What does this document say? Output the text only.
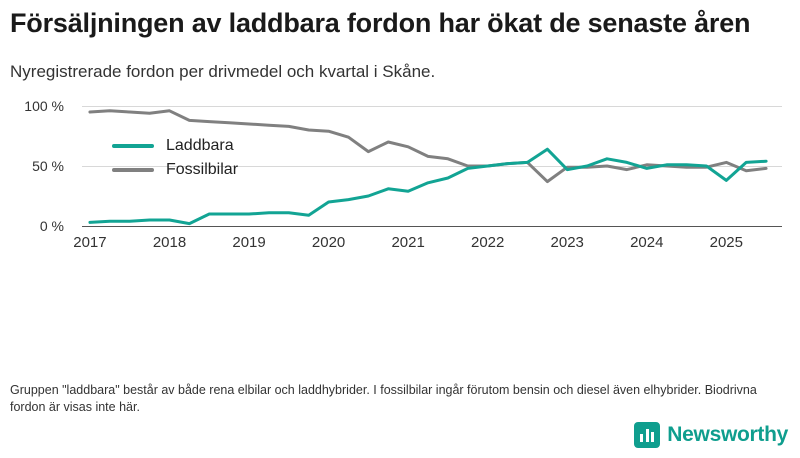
Försäljningen av laddbara fordon har ökat de senaste åren
Nyregistrerade fordon per drivmedel och kvartal i Skåne.
100 %
50 %
0 %
2017	2018	2019	2020	2021	2022	2023	2024	2025
Laddbara
Fossilbilar
Gruppen "laddbara" består av både rena elbilar och laddhybrider. I fossilbilar ingår förutom bensin och diesel även elhybrider. Biodrivna fordon är visas inte här.
Newsworthy
